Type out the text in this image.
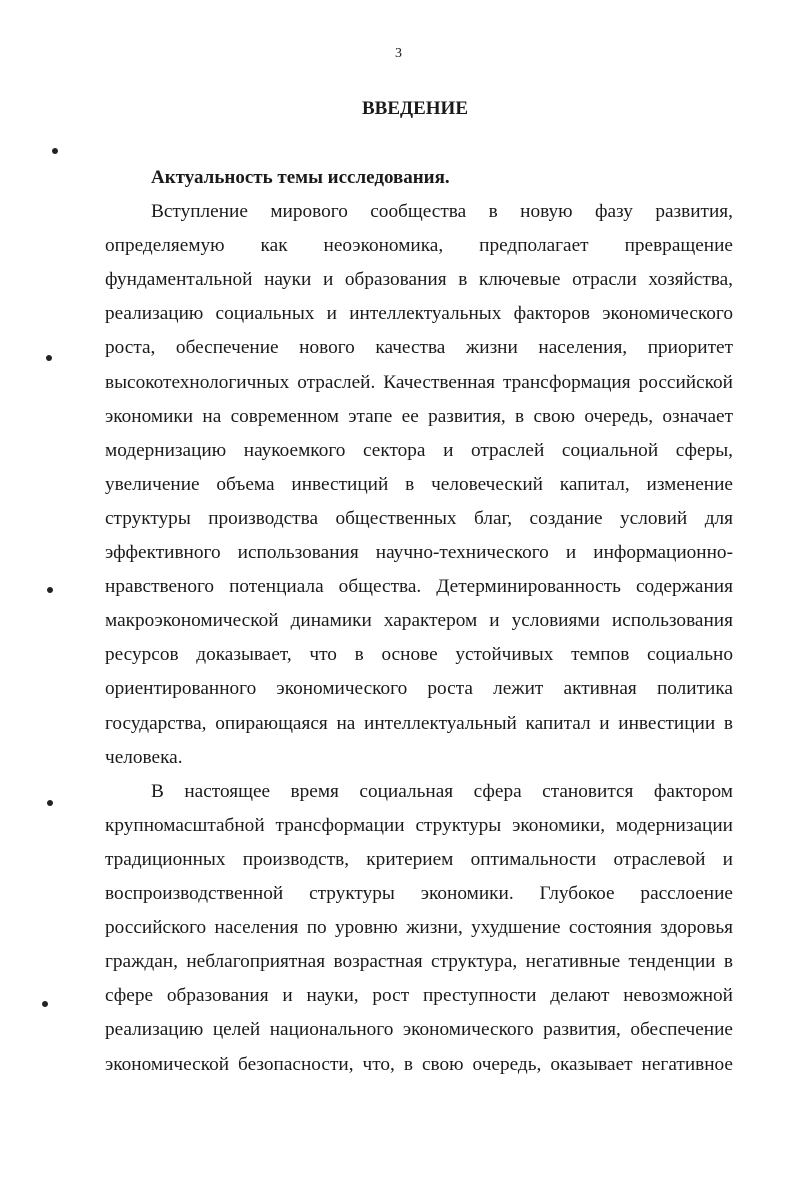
3
ВВЕДЕНИЕ
Актуальность темы исследования.
Вступление мирового сообщества в новую фазу развития,
определяемую как неоэкономика, предполагает превращение
фундаментальной науки и образования в ключевые отрасли хозяйства,
реализацию социальных и интеллектуальных факторов экономического
роста, обеспечение нового качества жизни населения, приоритет
высокотехнологичных отраслей. Качественная трансформация российской
экономики на современном этапе ее развития, в свою очередь, означает
модернизацию наукоемкого сектора и отраслей социальной сферы,
увеличение объема инвестиций в человеческий капитал, изменение
структуры производства общественных благ, создание условий для
эффективного использования научно-технического и информационно-
нравственого потенциала общества. Детерминированность содержания
макроэкономической динамики характером и условиями использования
ресурсов доказывает, что в основе устойчивых темпов социально
ориентированного экономического роста лежит активная политика
государства, опирающаяся на интеллектуальный капитал и инвестиции в
человека.
В настоящее время социальная сфера становится фактором
крупномасштабной трансформации структуры экономики, модернизации
традиционных производств, критерием оптимальности отраслевой и
воспроизводственной структуры экономики. Глубокое расслоение
российского населения по уровню жизни, ухудшение состояния здоровья
граждан, неблагоприятная возрастная структура, негативные тенденции в
сфере образования и науки, рост преступности делают невозможной
реализацию целей национального экономического развития, обеспечение
экономической безопасности, что, в свою очередь, оказывает негативное
